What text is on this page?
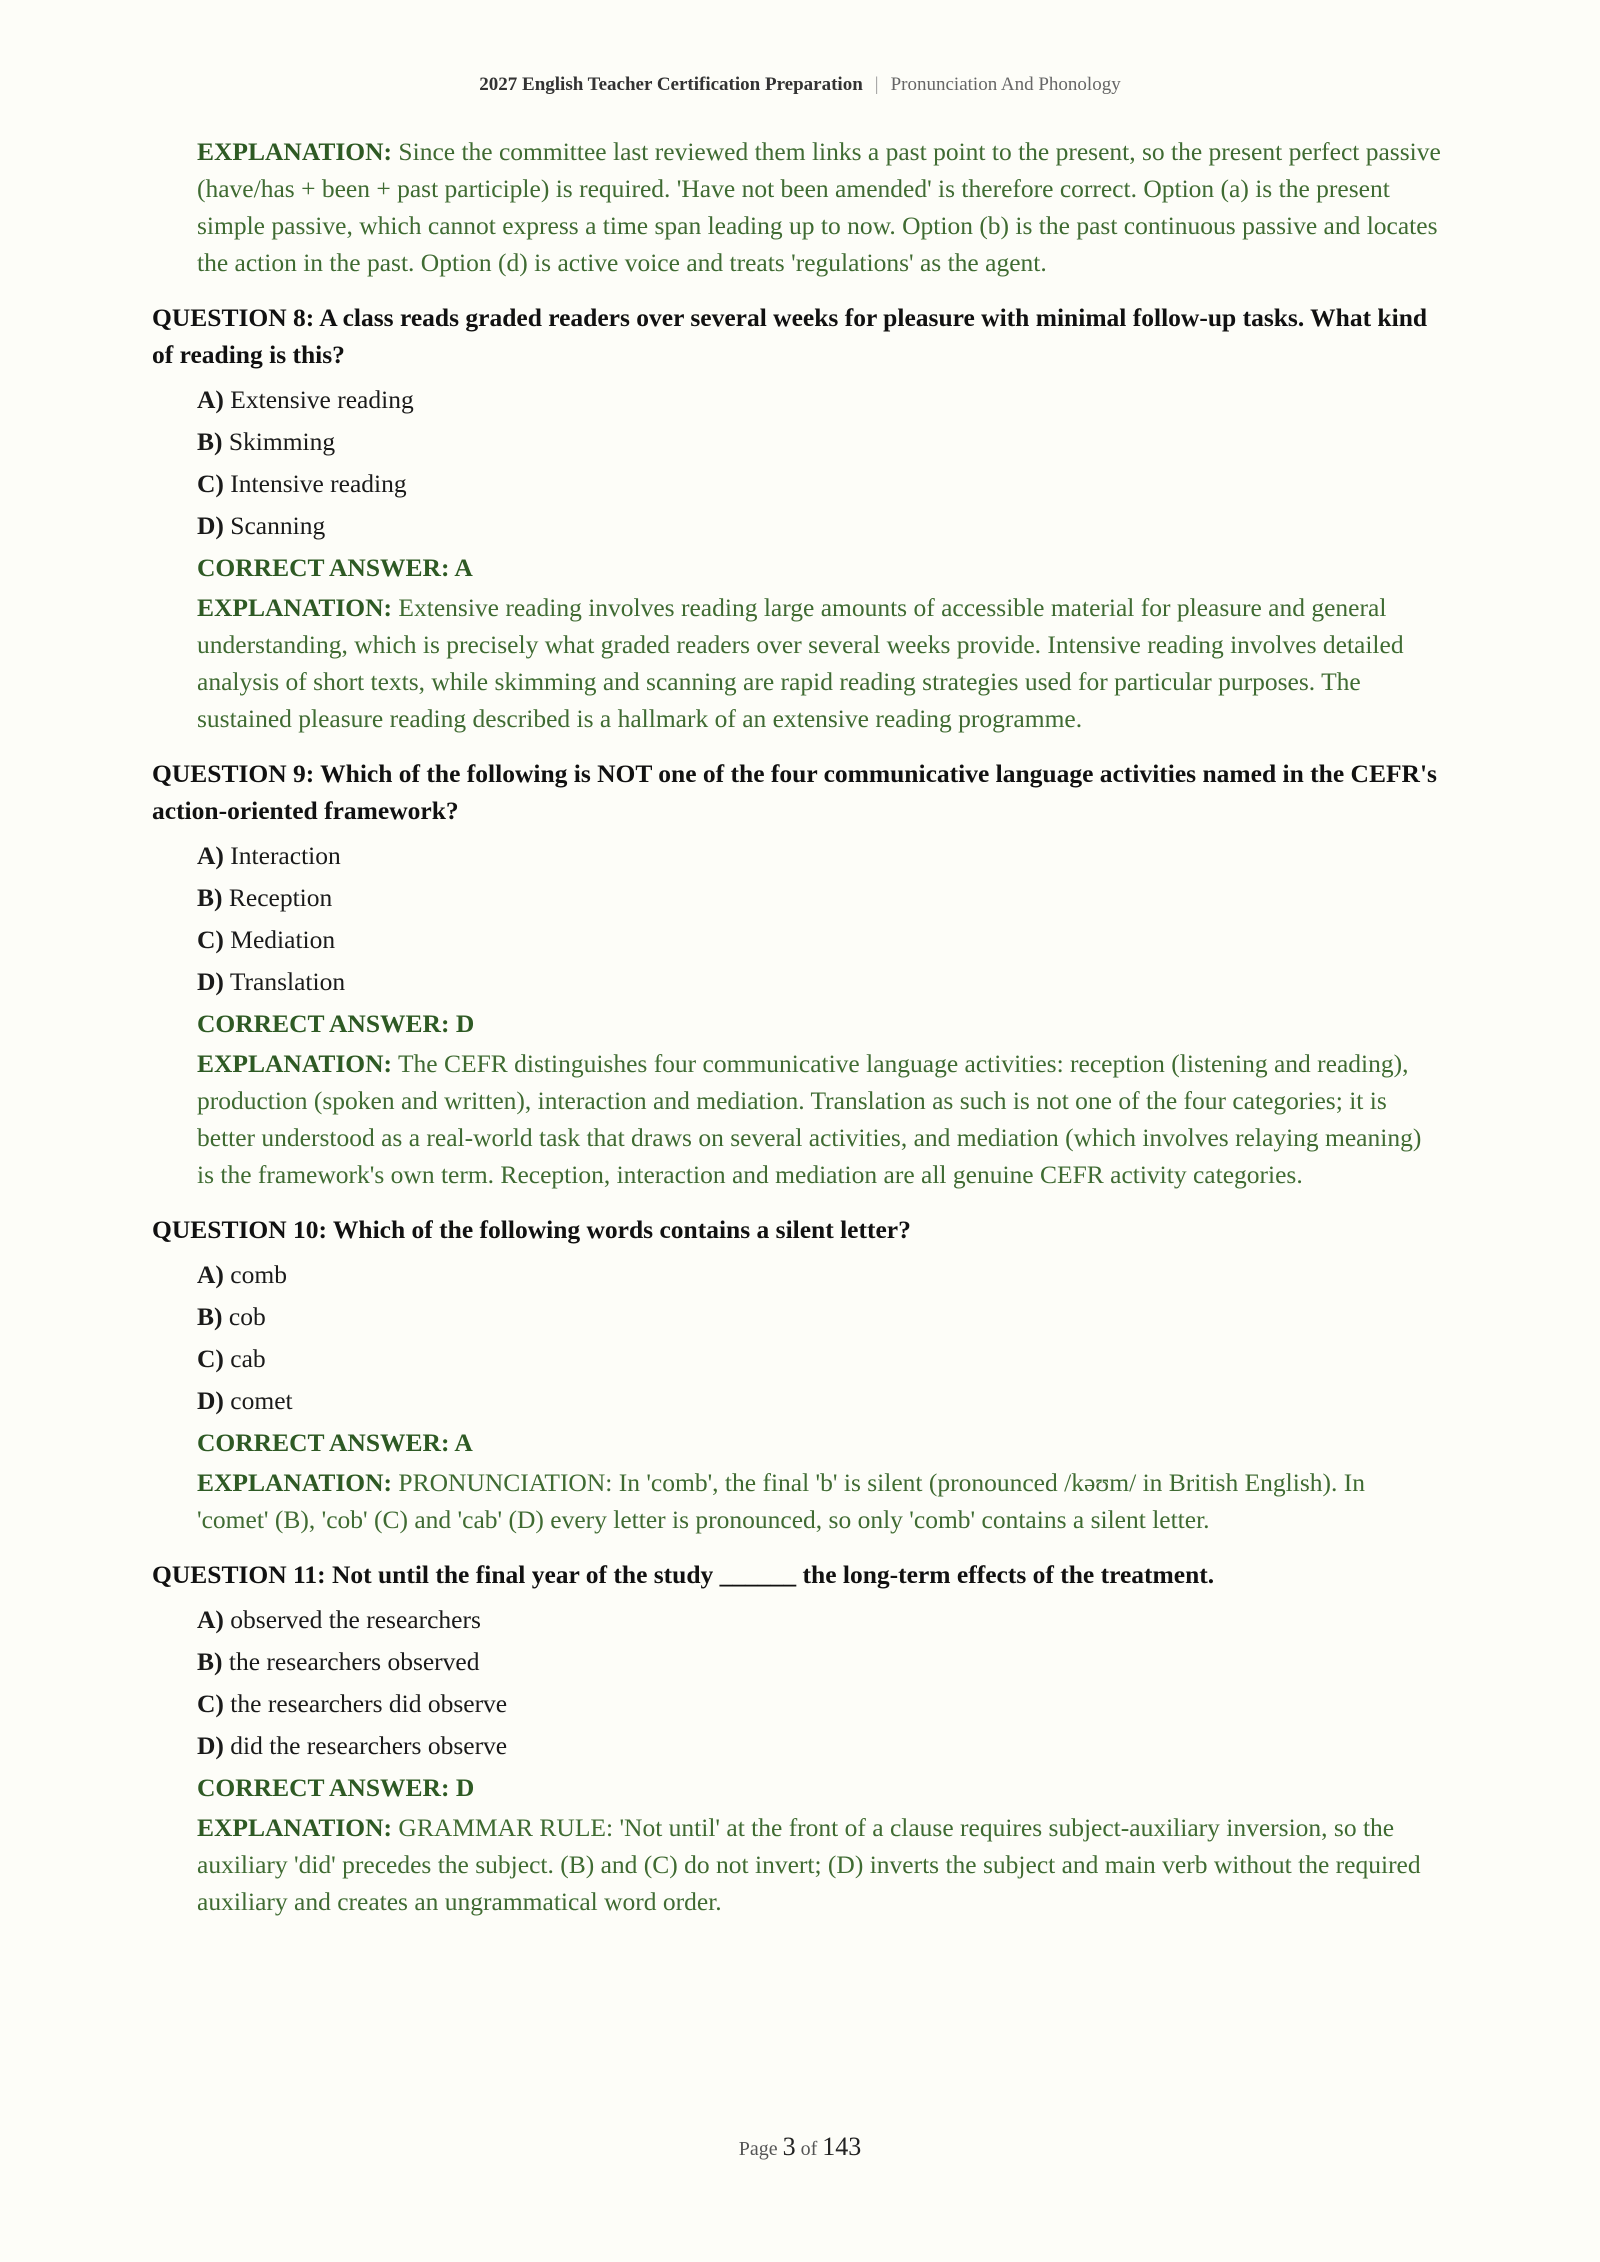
2027 English Teacher Certification Preparation | Pronunciation And Phonology
EXPLANATION: Since the committee last reviewed them links a past point to the present, so the present perfect passive (have/has + been + past participle) is required. 'Have not been amended' is therefore correct. Option (a) is the present simple passive, which cannot express a time span leading up to now. Option (b) is the past continuous passive and locates the action in the past. Option (d) is active voice and treats 'regulations' as the agent.
QUESTION 8: A class reads graded readers over several weeks for pleasure with minimal follow-up tasks. What kind of reading is this?
A) Extensive reading
B) Skimming
C) Intensive reading
D) Scanning
CORRECT ANSWER: A
EXPLANATION: Extensive reading involves reading large amounts of accessible material for pleasure and general understanding, which is precisely what graded readers over several weeks provide. Intensive reading involves detailed analysis of short texts, while skimming and scanning are rapid reading strategies used for particular purposes. The sustained pleasure reading described is a hallmark of an extensive reading programme.
QUESTION 9: Which of the following is NOT one of the four communicative language activities named in the CEFR's action-oriented framework?
A) Interaction
B) Reception
C) Mediation
D) Translation
CORRECT ANSWER: D
EXPLANATION: The CEFR distinguishes four communicative language activities: reception (listening and reading), production (spoken and written), interaction and mediation. Translation as such is not one of the four categories; it is better understood as a real-world task that draws on several activities, and mediation (which involves relaying meaning) is the framework's own term. Reception, interaction and mediation are all genuine CEFR activity categories.
QUESTION 10: Which of the following words contains a silent letter?
A) comb
B) cob
C) cab
D) comet
CORRECT ANSWER: A
EXPLANATION: PRONUNCIATION: In 'comb', the final 'b' is silent (pronounced /kəʊm/ in British English). In 'comet' (B), 'cob' (C) and 'cab' (D) every letter is pronounced, so only 'comb' contains a silent letter.
QUESTION 11: Not until the final year of the study ______ the long-term effects of the treatment.
A) observed the researchers
B) the researchers observed
C) the researchers did observe
D) did the researchers observe
CORRECT ANSWER: D
EXPLANATION: GRAMMAR RULE: 'Not until' at the front of a clause requires subject-auxiliary inversion, so the auxiliary 'did' precedes the subject. (B) and (C) do not invert; (D) inverts the subject and main verb without the required auxiliary and creates an ungrammatical word order.
Page 3 of 143
